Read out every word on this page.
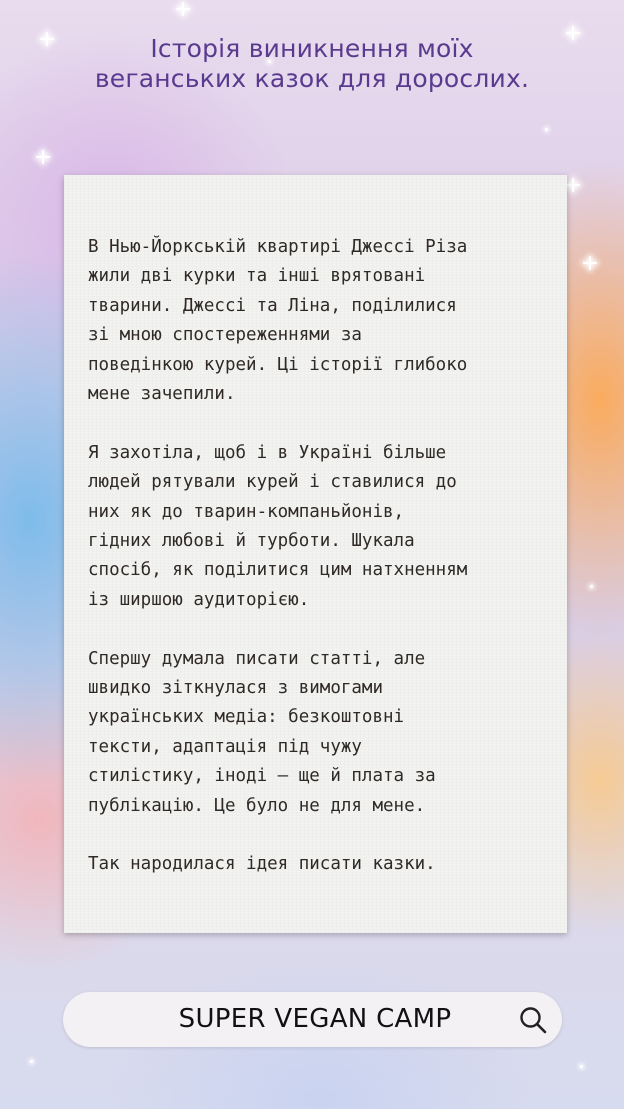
Історія виникнення моїх
веганських казок для дорослих.
В Нью-Йоркській квартирі Джессі Різа
жили дві курки та інші врятовані
тварини. Джессі та Ліна, поділилися
зі мною спостереженнями за
поведінкою курей. Ці історії глибоко
мене зачепили.
Я захотіла, щоб і в Україні більше
людей рятували курей і ставилися до
них як до тварин-компаньйонів,
гідних любові й турботи. Шукала
спосіб, як поділитися цим натхненням
із ширшою аудиторією.
Спершу думала писати статті, але
швидко зіткнулася з вимогами
українських медіа: безкоштовні
тексти, адаптація під чужу
стилістику, іноді — ще й плата за
публікацію. Це було не для мене.
Так народилася ідея писати казки.
SUPER VEGAN CAMP
